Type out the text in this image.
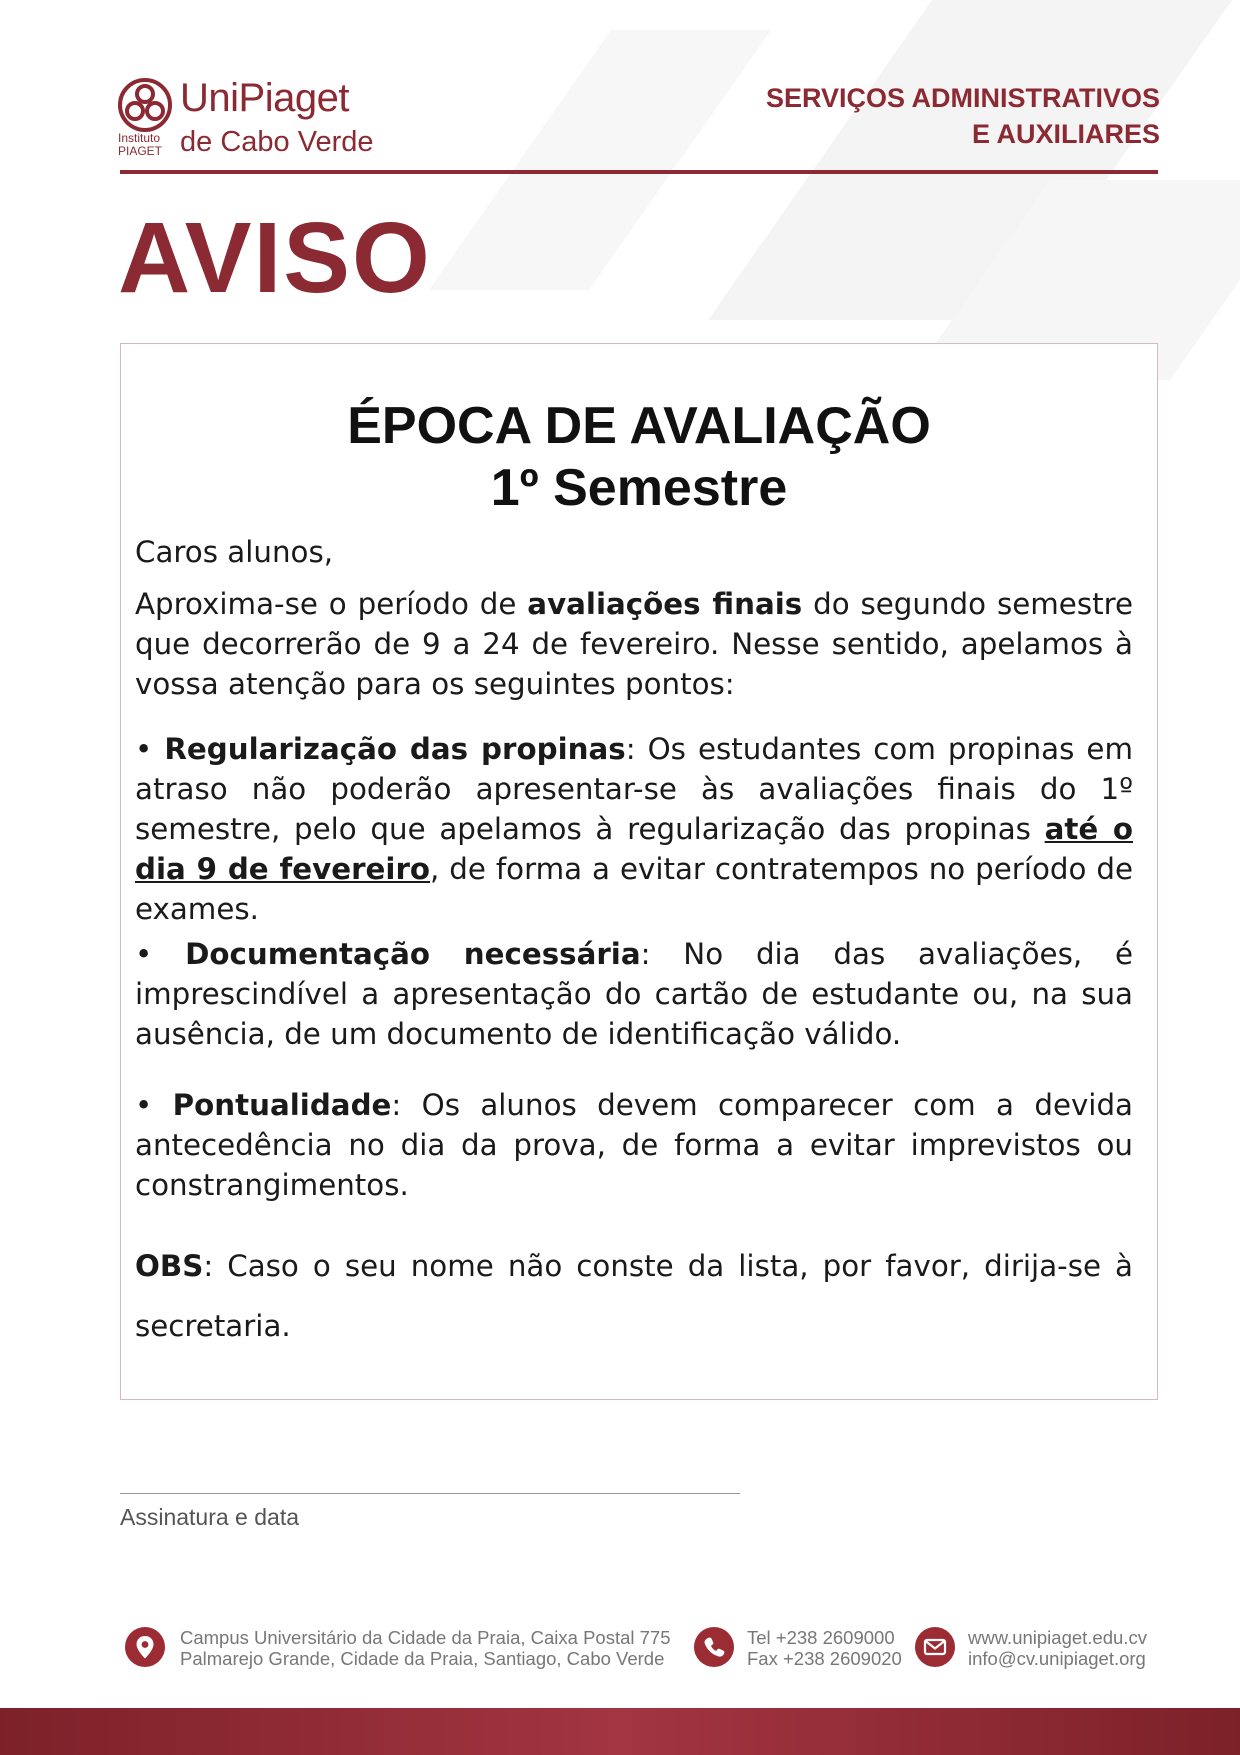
UniPiaget
Instituto PIAGET de Cabo Verde
SERVIÇOS ADMINISTRATIVOS
E AUXILIARES
AVISO
ÉPOCA DE AVALIAÇÃO
1º Semestre
Caros alunos,
Aproxima-se o período de avaliações finais do segundo semestre que decorrerão de 9 a 24 de fevereiro. Nesse sentido, apelamos à vossa atenção para os seguintes pontos:
• Regularização das propinas: Os estudantes com propinas em atraso não poderão apresentar-se às avaliações finais do 1º semestre, pelo que apelamos à regularização das propinas até o dia 9 de fevereiro, de forma a evitar contratempos no período de exames.
• Documentação necessária: No dia das avaliações, é imprescindível a apresentação do cartão de estudante ou, na sua ausência, de um documento de identificação válido.
• Pontualidade: Os alunos devem comparecer com a devida antecedência no dia da prova, de forma a evitar imprevistos ou constrangimentos.
OBS: Caso o seu nome não conste da lista, por favor, dirija-se à secretaria.
Assinatura e data
Campus Universitário da Cidade da Praia, Caixa Postal 775
Palmarejo Grande, Cidade da Praia, Santiago, Cabo Verde
Tel +238 2609000
Fax +238 2609020
www.unipiaget.edu.cv
info@cv.unipiaget.org
